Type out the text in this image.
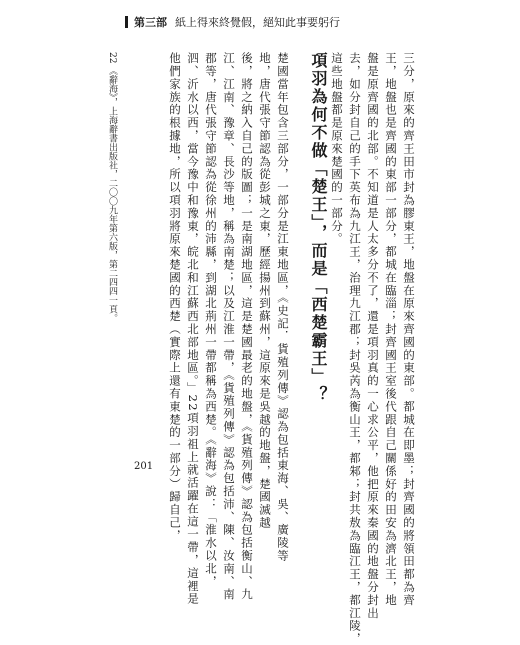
第三部 紙上得來終覺假，絕知此事要躬行
三分，原來的齊王田市封為膠東王，地盤在原來齊國的東部。都城在即墨；封齊國的將領田都為齊
王，地盤也是齊國的東部一部分，都城在臨淄；封齊國王室後代跟自己關係好的田安為濟北王，地
盤是原齊國的北部。不知道是人太多分不了，還是項羽真的一心求公平，他把原來秦國的地盤分封出
去，如分封自己的手下英布為九江王，治理九江郡；封吳芮為衡山王，都邾；封共敖為臨江王，都江陵，
這些地盤都是原來楚國的一部分。
項羽為何不做「楚王」，而是「西楚霸王」？
楚國當年包含三部分，一部分是江東地區，《史記．貨殖列傳》認為包括東海、吳、廣陵等
地，唐代張守節認為從彭城之東，歷經揚州到蘇州，這原來是吳越的地盤，楚國滅越
後，將之納入自己的版圖；一是南湖地區，這是楚國最老的地盤，《貨殖列傳》認為包括衡山、九
江、江南、豫章、長沙等地，稱為南楚；以及江淮一帶，《貨殖列傳》認為包括沛、陳、汝南、南
郡等，唐代張守節認為從徐州的沛縣，到湖北荊州一帶都稱為西楚。《辭海》說：「淮水以北，
泗、沂水以西，當今豫中和豫東，皖北和江蘇西北部地區。」22項羽祖上就活躍在這一帶，這裡是
他們家族的根據地，所以項羽將原來楚國的西楚（實際上還有東楚的一部分）歸自己，
22 《辭海》，上海辭書出版社，二〇〇九年第六版，第二四四一頁。
201
